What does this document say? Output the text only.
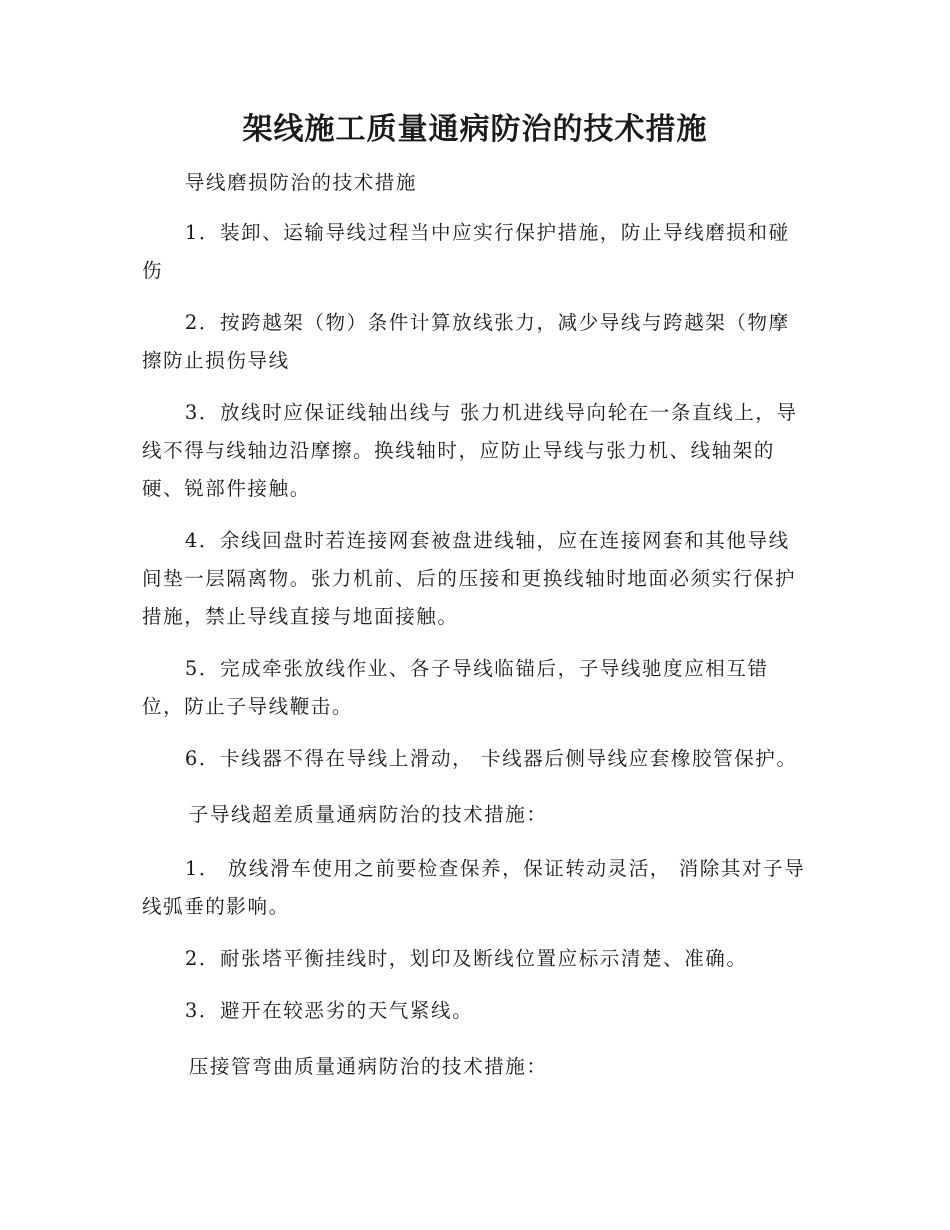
架线施工质量通病防治的技术措施
导线磨损防治的技术措施
1．装卸、运输导线过程当中应实行保护措施，防止导线磨损和碰伤
2．按跨越架（物）条件计算放线张力，减少导线与跨越架（物摩擦防止损伤导线
3．放线时应保证线轴出线与 张力机进线导向轮在一条直线上，导线不得与线轴边沿摩擦。换线轴时，应防止导线与张力机、线轴架的硬、锐部件接触。
4．余线回盘时若连接网套被盘进线轴，应在连接网套和其他导线间垫一层隔离物。张力机前、后的压接和更换线轴时地面必须实行保护措施，禁止导线直接与地面接触。
5．完成牵张放线作业、各子导线临锚后，子导线驰度应相互错位，防止子导线鞭击。
6．卡线器不得在导线上滑动， 卡线器后侧导线应套橡胶管保护。
子导线超差质量通病防治的技术措施：
1． 放线滑车使用之前要检查保养，保证转动灵活， 消除其对子导线弧垂的影响。
2．耐张塔平衡挂线时，划印及断线位置应标示清楚、准确。
3．避开在较恶劣的天气紧线。
压接管弯曲质量通病防治的技术措施：
